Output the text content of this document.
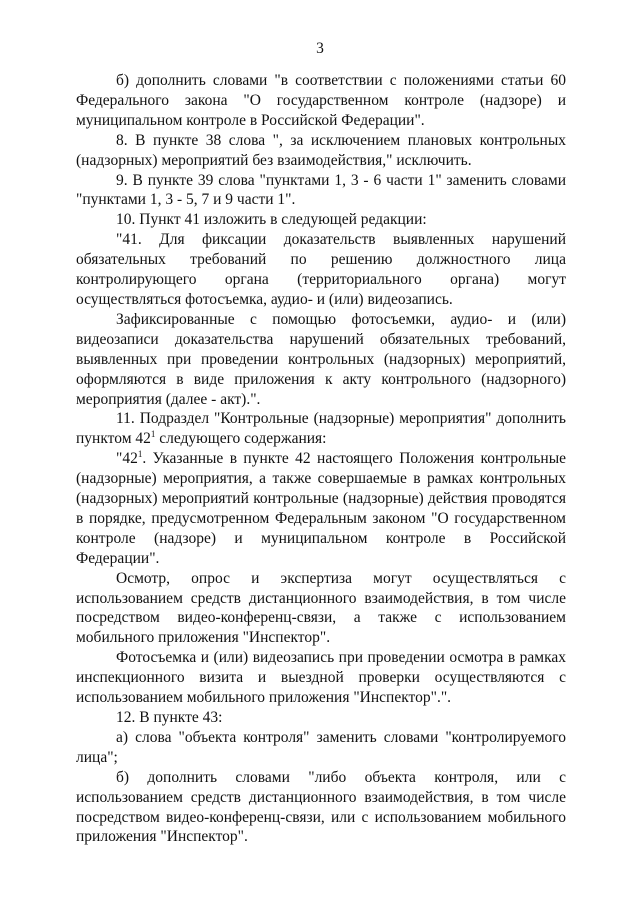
3

б) дополнить словами "в соответствии с положениями статьи 60 Федерального закона "О государственном контроле (надзоре) и муниципальном контроле в Российской Федерации".

8. В пункте 38 слова ", за исключением плановых контрольных (надзорных) мероприятий без взаимодействия," исключить.

9. В пункте 39 слова "пунктами 1, 3 - 6 части 1" заменить словами "пунктами 1, 3 - 5, 7 и 9 части 1".

10. Пункт 41 изложить в следующей редакции:

"41. Для фиксации доказательств выявленных нарушений обязательных требований по решению должностного лица контролирующего органа (территориального органа) могут осуществляться фотосъемка, аудио- и (или) видеозапись.

Зафиксированные с помощью фотосъемки, аудио- и (или) видеозаписи доказательства нарушений обязательных требований, выявленных при проведении контрольных (надзорных) мероприятий, оформляются в виде приложения к акту контрольного (надзорного) мероприятия (далее - акт).".

11. Подраздел "Контрольные (надзорные) мероприятия" дополнить пунктом $42^1$ следующего содержания:

"$42^1$. Указанные в пункте 42 настоящего Положения контрольные (надзорные) мероприятия, а также совершаемые в рамках контрольных (надзорных) мероприятий контрольные (надзорные) действия проводятся в порядке, предусмотренном Федеральным законом "О государственном контроле (надзоре) и муниципальном контроле в Российской Федерации".

Осмотр, опрос и экспертиза могут осуществляться с использованием средств дистанционного взаимодействия, в том числе посредством видео-конференц-связи, а также с использованием мобильного приложения "Инспектор".

Фотосъемка и (или) видеозапись при проведении осмотра в рамках инспекционного визита и выездной проверки осуществляются с использованием мобильного приложения "Инспектор".".

12. В пункте 43:

а) слова "объекта контроля" заменить словами "контролируемого лица";

б) дополнить словами "либо объекта контроля, или с использованием средств дистанционного взаимодействия, в том числе посредством видео-конференц-связи, или с использованием мобильного приложения "Инспектор".
